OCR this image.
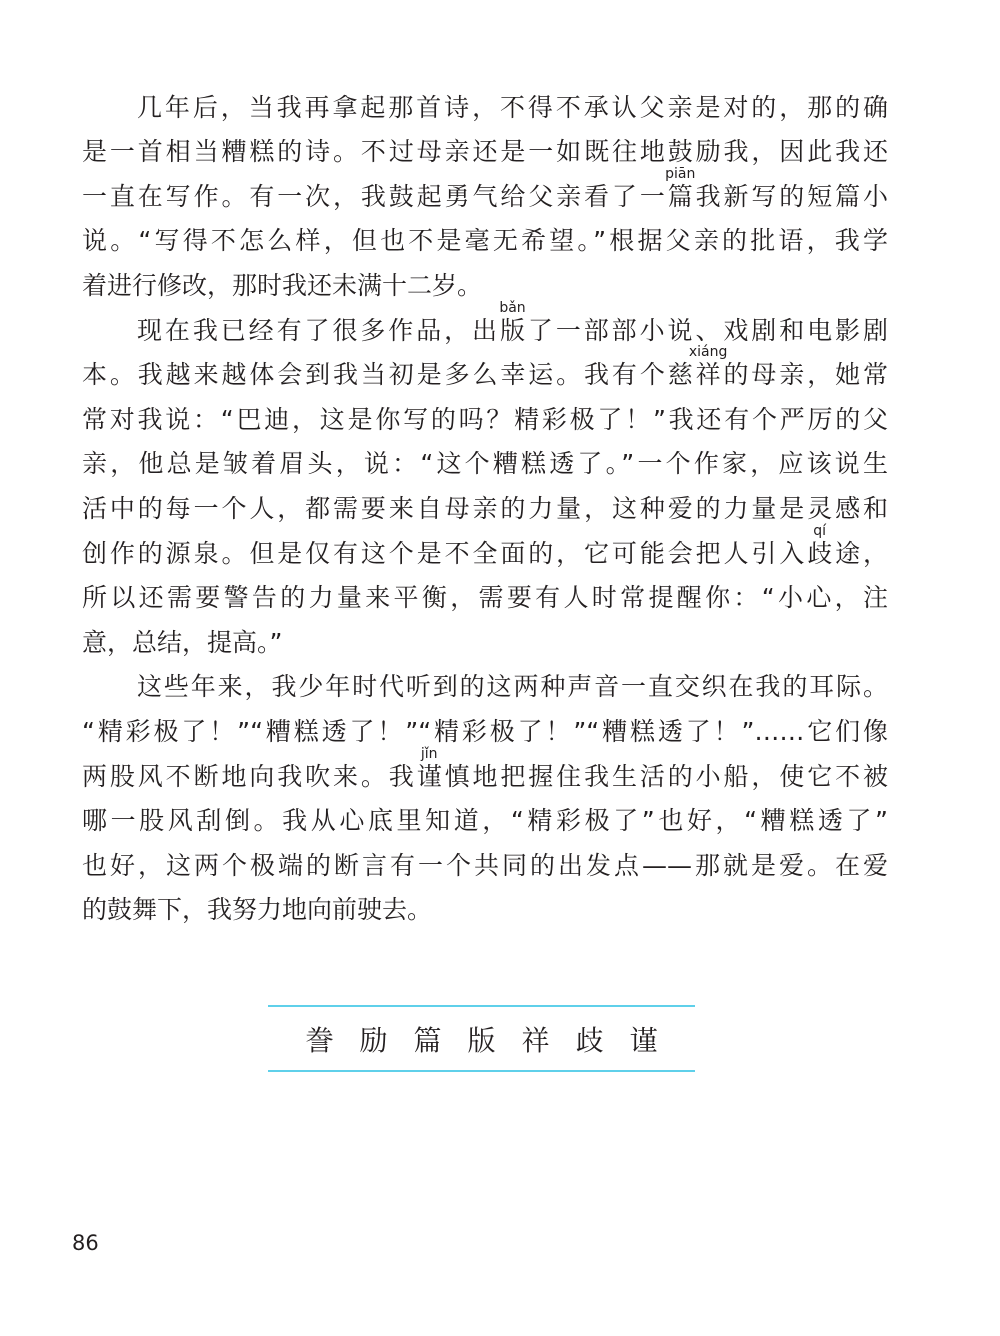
几年后，当我再拿起那首诗，不得不承认父亲是对的，那的确
是一首相当糟糕的诗。不过母亲还是一如既往地鼓励我，因此我还
一直在写作。有一次，我鼓起勇气给父亲看了一
piān
篇我新写的短篇小
说。“写得不怎么样，但也不是毫无希望。”根据父亲的批语，我学
着进行修改，那时我还未满十二岁。
现在我已经有了很多作品，出
bǎn
版了一部部小说、戏剧和电影剧
本。我越来越体会到我当初是多么幸运。我有个慈
xiáng
祥的母亲，她常
常对我说：“巴迪，这是你写的吗？精彩极了！”我还有个严厉的父
亲，他总是皱着眉头，说：“这个糟糕透了。”一个作家，应该说生
活中的每一个人，都需要来自母亲的力量，这种爱的力量是灵感和
创作的源泉。但是仅有这个是不全面的，它可能会把人引入
qí
歧途，
所以还需要警告的力量来平衡，需要有人时常提醒你：“小心，注
意，总结，提高。”
这些年来，我少年时代听到的这两种声音一直交织在我的耳际。
“精彩极了！”“糟糕透了！”“精彩极了！”“糟糕透了！”……它们像
两股风不断地向我吹来。我
jǐn
谨慎地把握住我生活的小船，使它不被
哪一股风刮倒。我从心底里知道，“精彩极了”也好，“糟糕透了”
也好，这两个极端的断言有一个共同的出发点——那就是爱。在爱
的鼓舞下，我努力地向前驶去。
誊 励 篇 版 祥 歧 谨
86
